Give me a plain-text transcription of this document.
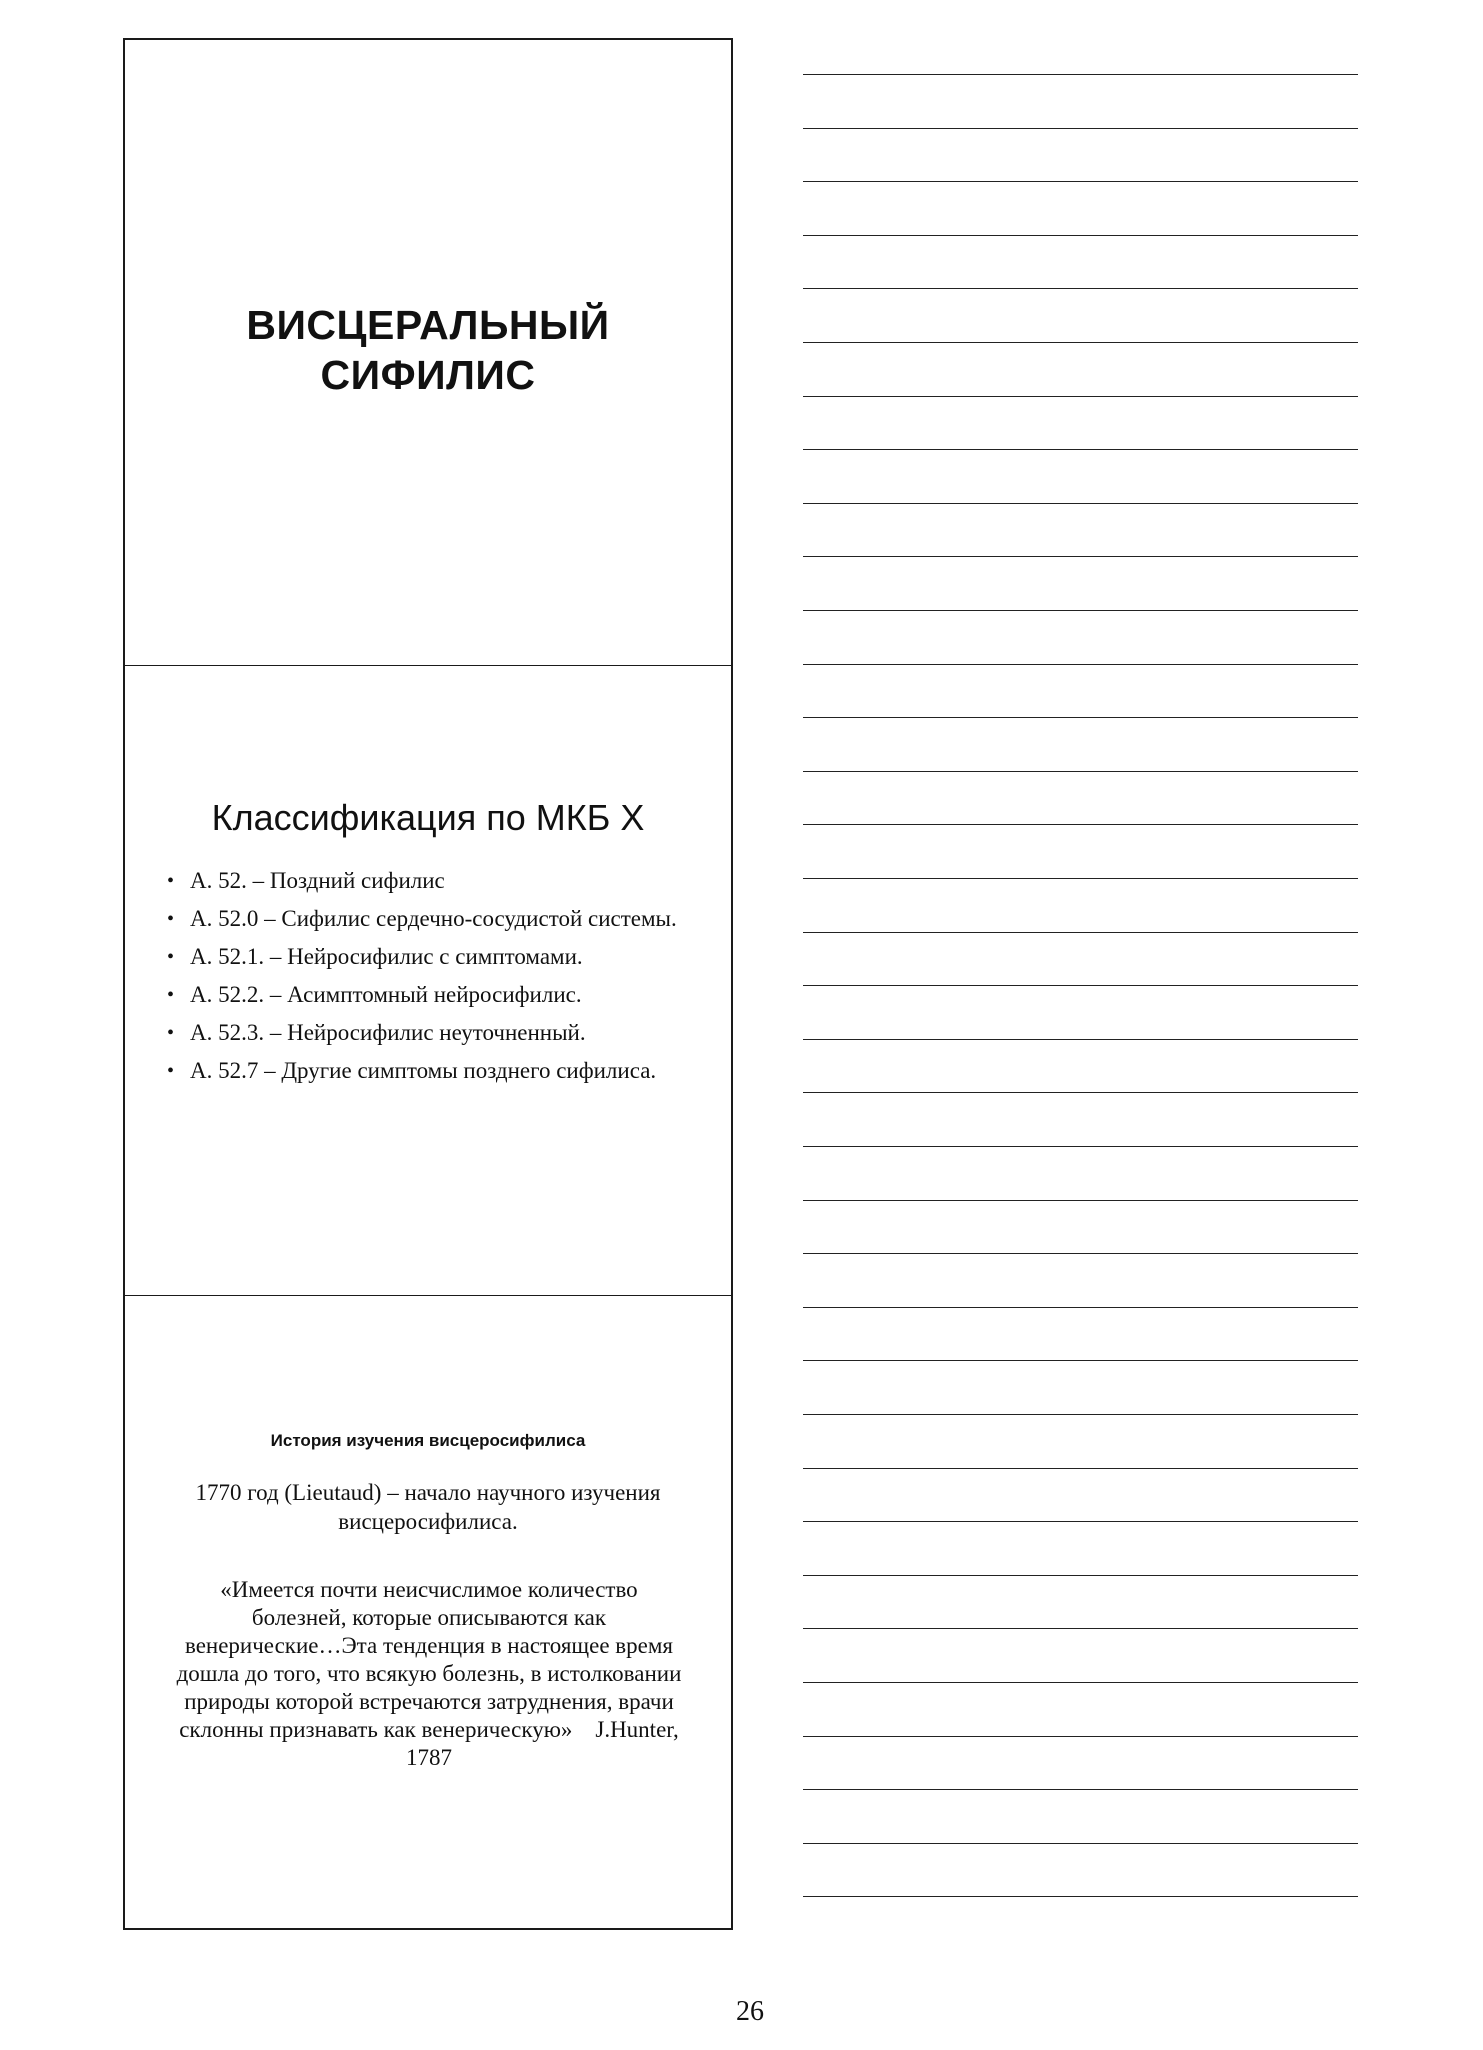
ВИСЦЕРАЛЬНЫЙ
СИФИЛИС
Классификация по МКБ X
• А. 52. – Поздний сифилис
• А. 52.0 – Сифилис сердечно-сосудистой системы.
• А. 52.1. – Нейросифилис с симптомами.
• А. 52.2. – Асимптомный нейросифилис.
• А. 52.3. – Нейросифилис неуточненный.
• А. 52.7 – Другие симптомы позднего сифилиса.
История изучения висцеросифилиса
1770 год (Lieutaud) – начало научного изучения висцеросифилиса.
«Имеется почти неисчислимое количество болезней, которые описываются как венерические…Эта тенденция в настоящее время дошла до того, что всякую болезнь, в истолковании природы которой встречаются затруднения, врачи склонны признавать как венерическую» J.Hunter, 1787
26
